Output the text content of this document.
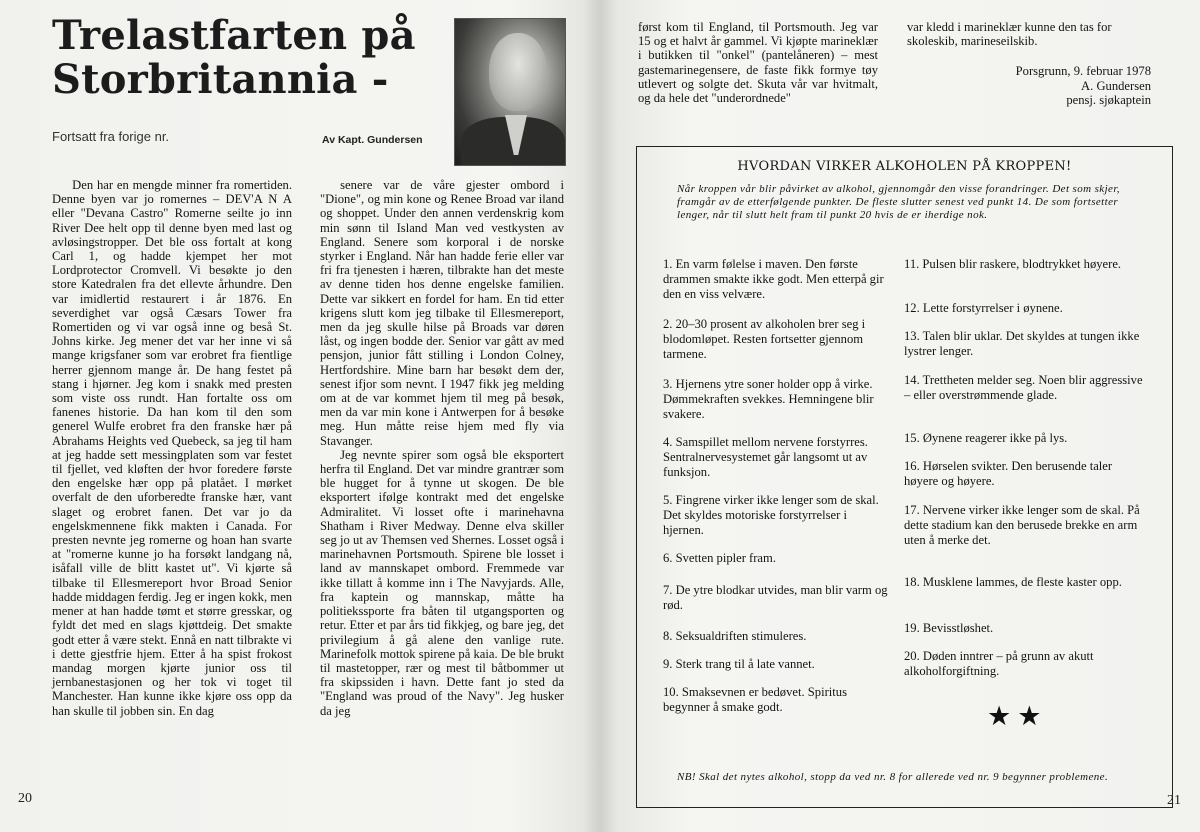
Trelastfarten på
Storbritannia -
Fortsatt fra forige nr.	Av Kapt. Gundersen

Den har en mengde minner fra romertiden. Denne byen var jo romernes – DEV'A N A eller "Devana Castro" Romerne seilte jo inn River Dee helt opp til denne byen med last og avløsingstropper. Det ble oss fortalt at kong Carl 1, og hadde kjempet her mot Lordprotector Cromvell. Vi besøkte jo den store Katedralen fra det ellevte århundre. Den var imidlertid restaurert i år 1876. En severdighet var også Cæsars Tower fra Romertiden og vi var også inne og beså St. Johns kirke. Jeg mener det var her inne vi så mange krigsfaner som var erobret fra fientlige herrer gjennom mange år. De hang festet på stang i hjørner. Jeg kom i snakk med presten som viste oss rundt. Han fortalte oss om fanenes historie. Da han kom til den som generel Wulfe erobret fra den franske hær på Abrahams Heights ved Quebeck, sa jeg til ham at jeg hadde sett messingplaten som var festet til fjellet, ved kløften der hvor foredere første den engelske hær opp på platået. I mørket overfalt de den uforberedte franske hær, vant slaget og erobret fanen. Det var jo da engelskmennene fikk makten i Canada. For presten nevnte jeg romerne og hoan han svarte at "romerne kunne jo ha forsøkt landgang nå, isåfall ville de blitt kastet ut". Vi kjørte så tilbake til Ellesmereport hvor Broad Senior hadde middagen ferdig. Jeg er ingen kokk, men mener at han hadde tømt et større gresskar, og fyldt det med en slags kjøttdeig. Det smakte godt etter å være stekt. Ennå en natt tilbrakte vi i dette gjestfrie hjem. Etter å ha spist frokost mandag morgen kjørte junior oss til jernbanestasjonen og her tok vi toget til Manchester. Han kunne ikke kjøre oss opp da han skulle til jobben sin. En dag

senere var de våre gjester ombord i "Dione", og min kone og Renee Broad var iland og shoppet. Under den annen verdenskrig kom min sønn til Island Man ved vestkysten av England. Senere som korporal i de norske styrker i England. Når han hadde ferie eller var fri fra tjenesten i hæren, tilbrakte han det meste av denne tiden hos denne engelske familien. Dette var sikkert en fordel for ham. En tid etter krigens slutt kom jeg tilbake til Ellesmereport, men da jeg skulle hilse på Broads var døren låst, og ingen bodde der. Senior var gått av med pensjon, junior fått stilling i London Colney, Hertfordshire. Mine barn har besøkt dem der, senest ifjor som nevnt. I 1947 fikk jeg melding om at de var kommet hjem til meg på besøk, men da var min kone i Antwerpen for å besøke meg. Hun måtte reise hjem med fly via Stavanger.

Jeg nevnte spirer som også ble eksportert herfra til England. Det var mindre grantrær som ble hugget for å tynne ut skogen. De ble eksportert ifølge kontrakt med det engelske Admiralitet. Vi losset ofte i marinehavna Shatham i River Medway. Denne elva skiller seg jo ut av Themsen ved Shernes. Losset også i marinehavnen Portsmouth. Spirene ble losset i land av mannskapet ombord. Fremmede var ikke tillatt å komme inn i The Navyjards. Alle, fra kaptein og mannskap, måtte ha politiekssporte fra båten til utgangsporten og retur. Etter et par års tid fikkjeg, og bare jeg, det privilegium å gå alene den vanlige rute. Marinefolk mottok spirene på kaia. De ble brukt til mastetopper, rær og mest til båtbommer ut fra skipssiden i havn. Dette fant jo sted da "England was proud of the Navy". Jeg husker da jeg

20

først kom til England, til Portsmouth. Jeg var 15 og et halvt år gammel. Vi kjøpte marineklær i butikken til "onkel" (pantelåneren) – mest gastemarinegensere, de faste fikk formye tøy utlevert og solgte det. Skuta vår var hvitmalt, og da hele det "underordnede"

var kledd i marineklær kunne den tas for skoleskib, marineseilskib.
Porsgrunn, 9. februar 1978
A. Gundersen
pensj. sjøkaptein
HVORDAN VIRKER ALKOHOLEN PÅ KROPPEN!
Når kroppen vår blir påvirket av alkohol, gjennomgår den visse forandringer. Det som skjer, framgår av de etterfølgende punkter. De fleste slutter senest ved punkt 14. De som fortsetter lenger, når til slutt helt fram til punkt 20 hvis de er iherdige nok.
1. En varm følelse i maven. Den første drammen smakte ikke godt. Men etterpå gir den en viss velvære.
2. 20–30 prosent av alkoholen brer seg i blodomløpet. Resten fortsetter gjennom tarmene.
3. Hjernens ytre soner holder opp å virke. Dømmekraften svekkes. Hemningene blir svakere.
4. Samspillet mellom nervene forstyrres. Sentralnervesystemet går langsomt ut av funksjon.
5. Fingrene virker ikke lenger som de skal. Det skyldes motoriske forstyrrelser i hjernen.
6. Svetten pipler fram.
7. De ytre blodkar utvides, man blir varm og rød.
8. Seksualdriften stimuleres.
9. Sterk trang til å late vannet.
10. Smaksevnen er bedøvet. Spiritus begynner å smake godt.
11. Pulsen blir raskere, blodtrykket høyere.
12. Lette forstyrrelser i øynene.
13. Talen blir uklar. Det skyldes at tungen ikke lystrer lenger.
14. Trettheten melder seg. Noen blir aggressive – eller overstrømmende glade.
15. Øynene reagerer ikke på lys.
16. Hørselen svikter. Den berusende taler høyere og høyere.
17. Nervene virker ikke lenger som de skal. På dette stadium kan den berusede brekke en arm uten å merke det.
18. Musklene lammes, de fleste kaster opp.
19. Bevisstløshet.
20. Døden inntrer – på grunn av akutt alkoholforgiftning.
★★
NB! Skal det nytes alkohol, stopp da ved nr. 8 for allerede ved nr. 9 begynner problemene.
21
